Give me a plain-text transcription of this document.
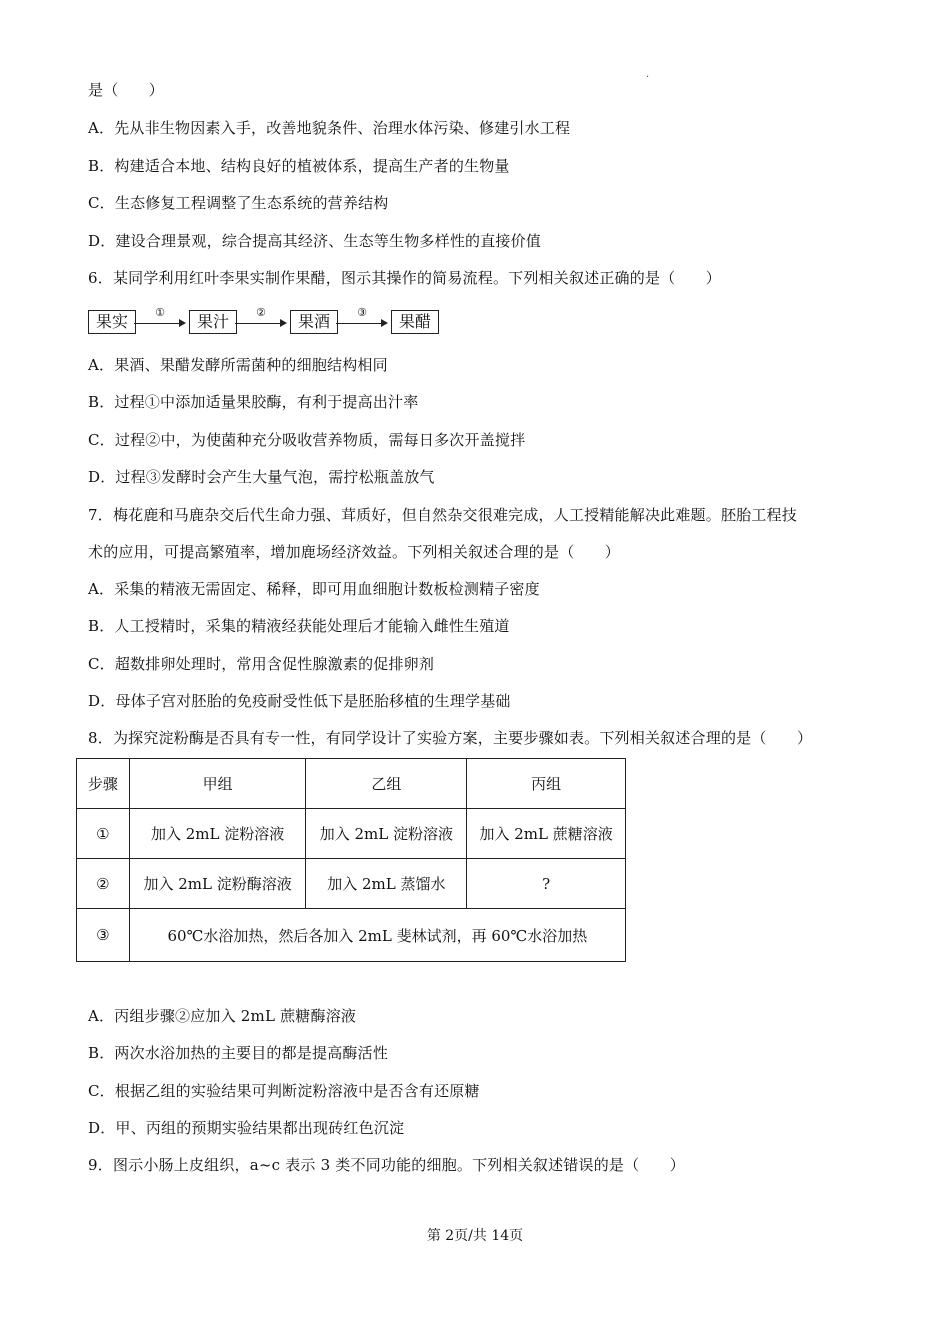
·
是（　　）
A．先从非生物因素入手，改善地貌条件、治理水体污染、修建引水工程
B．构建适合本地、结构良好的植被体系，提高生产者的生物量
C．生态修复工程调整了生态系统的营养结构
D．建设合理景观，综合提高其经济、生态等生物多样性的直接价值
6．某同学利用红叶李果实制作果醋，图示其操作的简易流程。下列相关叙述正确的是（　　）
果实	①	果汁	②	果酒	③	果醋
A．果酒、果醋发酵所需菌种的细胞结构相同
B．过程①中添加适量果胶酶，有利于提高出汁率
C．过程②中，为使菌种充分吸收营养物质，需每日多次开盖搅拌
D．过程③发酵时会产生大量气泡，需拧松瓶盖放气
7．梅花鹿和马鹿杂交后代生命力强、茸质好，但自然杂交很难完成，人工授精能解决此难题。胚胎工程技
术的应用，可提高繁殖率，增加鹿场经济效益。下列相关叙述合理的是（　　）
A．采集的精液无需固定、稀释，即可用血细胞计数板检测精子密度
B．人工授精时，采集的精液经获能处理后才能输入雌性生殖道
C．超数排卵处理时，常用含促性腺激素的促排卵剂
D．母体子宫对胚胎的免疫耐受性低下是胚胎移植的生理学基础
8．为探究淀粉酶是否具有专一性，有同学设计了实验方案，主要步骤如表。下列相关叙述合理的是（　　）
步骤	甲组	乙组	丙组
①	加入 2mL 淀粉溶液	加入 2mL 淀粉溶液	加入 2mL 蔗糖溶液
②	加入 2mL 淀粉酶溶液	加入 2mL 蒸馏水	?
③	60℃水浴加热，然后各加入 2mL 斐林试剂，再 60℃水浴加热		
A．丙组步骤②应加入 2mL 蔗糖酶溶液
B．两次水浴加热的主要目的都是提高酶活性
C．根据乙组的实验结果可判断淀粉溶液中是否含有还原糖
D．甲、丙组的预期实验结果都出现砖红色沉淀
9．图示小肠上皮组织，a~c 表示 3 类不同功能的细胞。下列相关叙述错误的是（　　）
第 2页/共 14页
